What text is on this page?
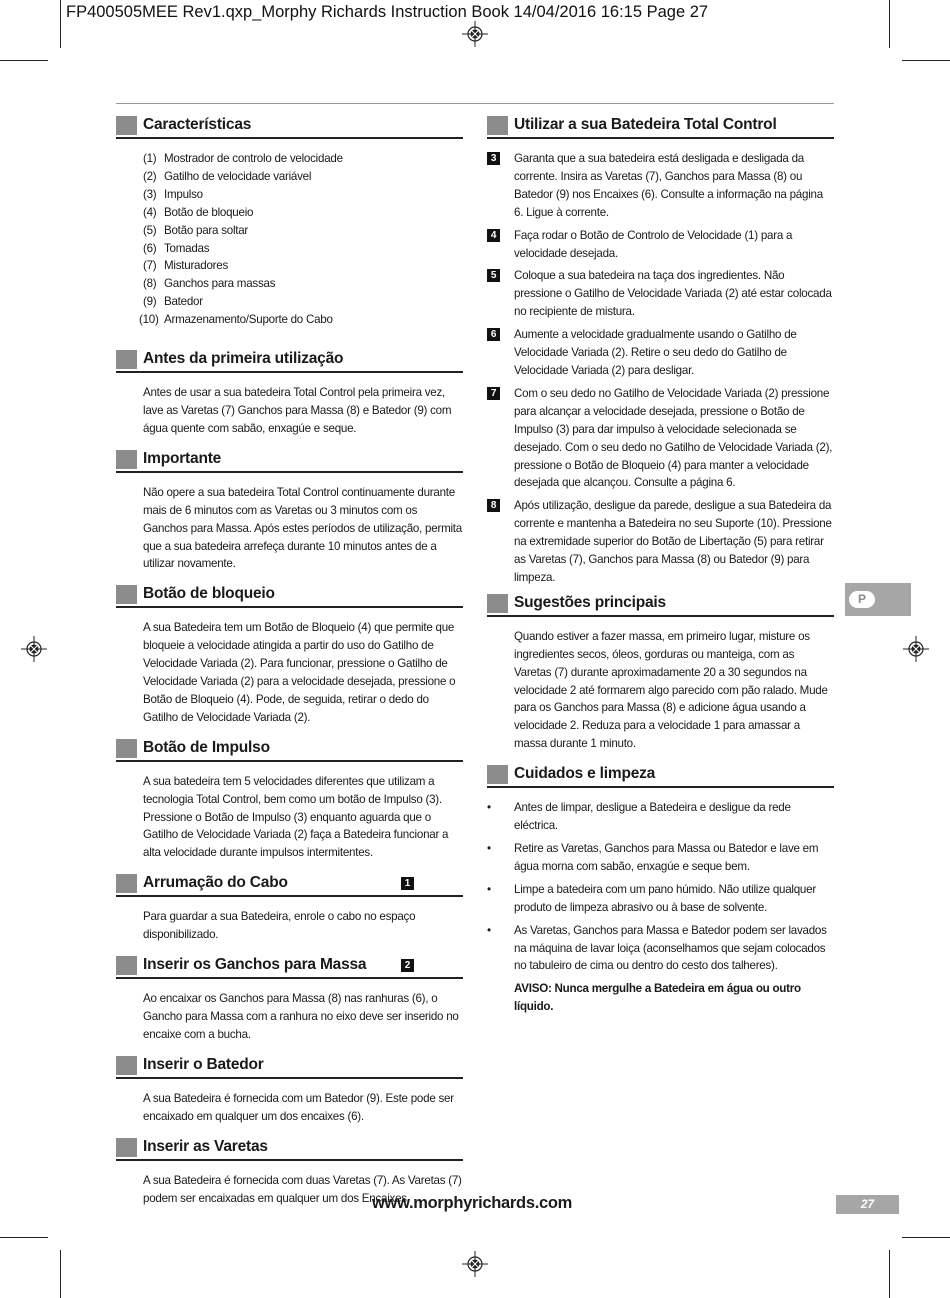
FP400505MEE Rev1.qxp_Morphy Richards Instruction Book 14/04/2016 16:15 Page 27
Características
(1) Mostrador de controlo de velocidade
(2) Gatilho de velocidade variável
(3) Impulso
(4) Botão de bloqueio
(5) Botão para soltar
(6) Tomadas
(7) Misturadores
(8) Ganchos para massas
(9) Batedor
(10) Armazenamento/Suporte do Cabo
Antes da primeira utilização

Antes de usar a sua batedeira Total Control pela primeira vez, lave as Varetas (7) Ganchos para Massa (8) e Batedor (9) com água quente com sabão, enxagúe e seque.

Importante

Não opere a sua batedeira Total Control continuamente durante mais de 6 minutos com as Varetas ou 3 minutos com os Ganchos para Massa. Após estes períodos de utilização, permita que a sua batedeira arrefeça durante 10 minutos antes de a utilizar novamente.

Botão de bloqueio

A sua Batedeira tem um Botão de Bloqueio (4) que permite que bloqueie a velocidade atingida a partir do uso do Gatilho de Velocidade Variada (2). Para funcionar, pressione o Gatilho de Velocidade Variada (2) para a velocidade desejada, pressione o Botão de Bloqueio (4). Pode, de seguida, retirar o dedo do Gatilho de Velocidade Variada (2).

Botão de Impulso

A sua batedeira tem 5 velocidades diferentes que utilizam a tecnologia Total Control, bem como um botão de Impulso (3). Pressione o Botão de Impulso (3) enquanto aguarda que o Gatilho de Velocidade Variada (2) faça a Batedeira funcionar a alta velocidade durante impulsos intermitentes.

Arrumação do Cabo	1

Para guardar a sua Batedeira, enrole o cabo no espaço disponibilizado.

Inserir os Ganchos para Massa	2

Ao encaixar os Ganchos para Massa (8) nas ranhuras (6), o Gancho para Massa com a ranhura no eixo deve ser inserido no encaixe com a bucha.

Inserir o Batedor

A sua Batedeira é fornecida com um Batedor (9). Este pode ser encaixado em qualquer um dos encaixes (6).

Inserir as Varetas

A sua Batedeira é fornecida com duas Varetas (7). As Varetas (7) podem ser encaixadas em qualquer um dos Encaixes.

Utilizar a sua Batedeira Total Control
3	Garanta que a sua batedeira está desligada e desligada da corrente. Insira as Varetas (7), Ganchos para Massa (8) ou Batedor (9) nos Encaixes (6). Consulte a informação na página 6. Ligue à corrente.
4	Faça rodar o Botão de Controlo de Velocidade (1) para a velocidade desejada.
5	Coloque a sua batedeira na taça dos ingredientes. Não pressione o Gatilho de Velocidade Variada (2) até estar colocada no recipiente de mistura.
6	Aumente a velocidade gradualmente usando o Gatilho de Velocidade Variada (2). Retire o seu dedo do Gatilho de Velocidade Variada (2) para desligar.
7	Com o seu dedo no Gatilho de Velocidade Variada (2) pressione para alcançar a velocidade desejada, pressione o Botão de Impulso (3) para dar impulso à velocidade selecionada se desejado. Com o seu dedo no Gatilho de Velocidade Variada (2), pressione o Botão de Bloqueio (4) para manter a velocidade desejada que alcançou. Consulte a página 6.
8	Após utilização, desligue da parede, desligue a sua Batedeira da corrente e mantenha a Batedeira no seu Suporte (10). Pressione na extremidade superior do Botão de Libertação (5) para retirar as Varetas (7), Ganchos para Massa (8) ou Batedor (9) para limpeza.
Sugestões principais

Quando estiver a fazer massa, em primeiro lugar, misture os ingredientes secos, óleos, gorduras ou manteiga, com as Varetas (7) durante aproximadamente 20 a 30 segundos na velocidade 2 até formarem algo parecido com pão ralado. Mude para os Ganchos para Massa (8) e adicione água usando a velocidade 2. Reduza para a velocidade 1 para amassar a massa durante 1 minuto.

Cuidados e limpeza
• Antes de limpar, desligue a Batedeira e desligue da rede eléctrica.
• Retire as Varetas, Ganchos para Massa ou Batedor e lave em água morna com sabão, enxagúe e seque bem.
• Limpe a batedeira com um pano húmido. Não utilize qualquer produto de limpeza abrasivo ou à base de solvente.
• As Varetas, Ganchos para Massa e Batedor podem ser lavados na máquina de lavar loiça (aconselhamos que sejam colocados no tabuleiro de cima ou dentro do cesto dos talheres).

AVISO: Nunca mergulhe a Batedeira em água ou outro líquido.

P
www.morphyrichards.com	27
